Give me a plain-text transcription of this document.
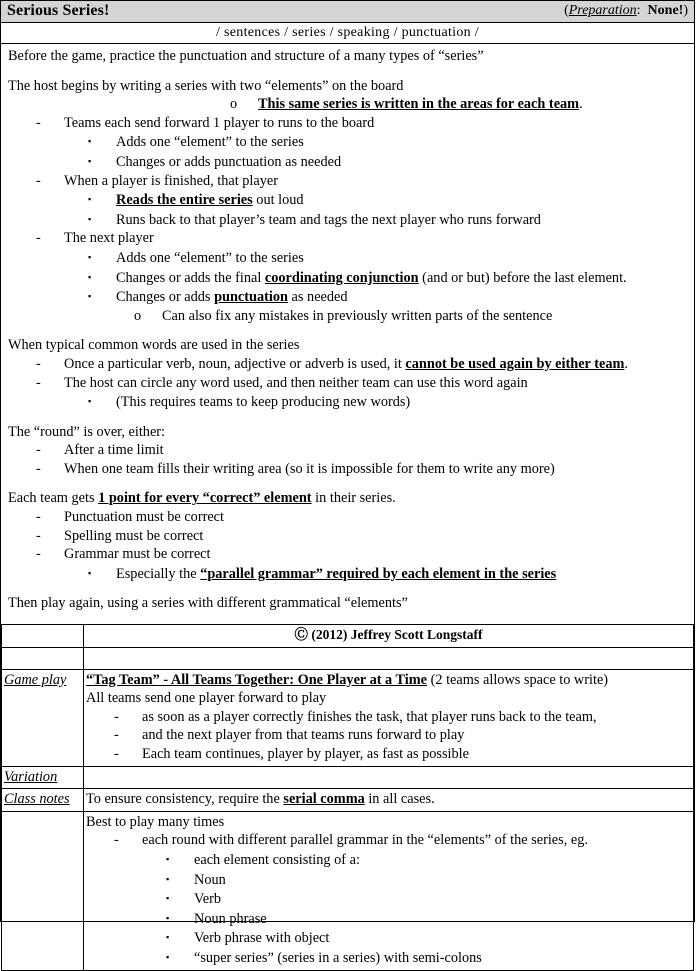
Serious Series!	(Preparation: None!)
/ sentences / series / speaking / punctuation /
Before the game, practice the punctuation and structure of a many types of “series”
The host begins by writing a series with two “elements” on the board
o This same series is written in the areas for each team.
- Teams each send forward 1 player to runs to the board
▪ Adds one “element” to the series
▪ Changes or adds punctuation as needed
- When a player is finished, that player
▪ Reads the entire series out loud
▪ Runs back to that player’s team and tags the next player who runs forward
- The next player
▪ Adds one “element” to the series
▪ Changes or adds the final coordinating conjunction (and or but) before the last element.
▪ Changes or adds punctuation as needed
o Can also fix any mistakes in previously written parts of the sentence
When typical common words are used in the series
- Once a particular verb, noun, adjective or adverb is used, it cannot be used again by either team.
- The host can circle any word used, and then neither team can use this word again
▪ (This requires teams to keep producing new words)
The “round” is over, either:
- After a time limit
- When one team fills their writing area (so it is impossible for them to write any more)
Each team gets 1 point for every “correct” element in their series.
- Punctuation must be correct
- Spelling must be correct
- Grammar must be correct
▪ Especially the “parallel grammar” required by each element in the series
Then play again, using a series with different grammatical “elements”
	Ⓒ (2012) Jeffrey Scott Longstaff

Game play	“Tag Team” - All Teams Together: One Player at a Time (2 teams allows space to write)
All teams send one player forward to play
- as soon as a player correctly finishes the task, that player runs back to the team,
- and the next player from that teams runs forward to play
- Each team continues, player by player, as fast as possible

Variation	
Class notes	To ensure consistency, require the serial comma in all cases.

Best to play many times
- each round with different parallel grammar in the “elements” of the series, eg.
▪ each element consisting of a:
▪ Noun
▪ Verb
▪ Noun phrase
▪ Verb phrase with object
▪ “super series” (series in a series) with semi-colons
